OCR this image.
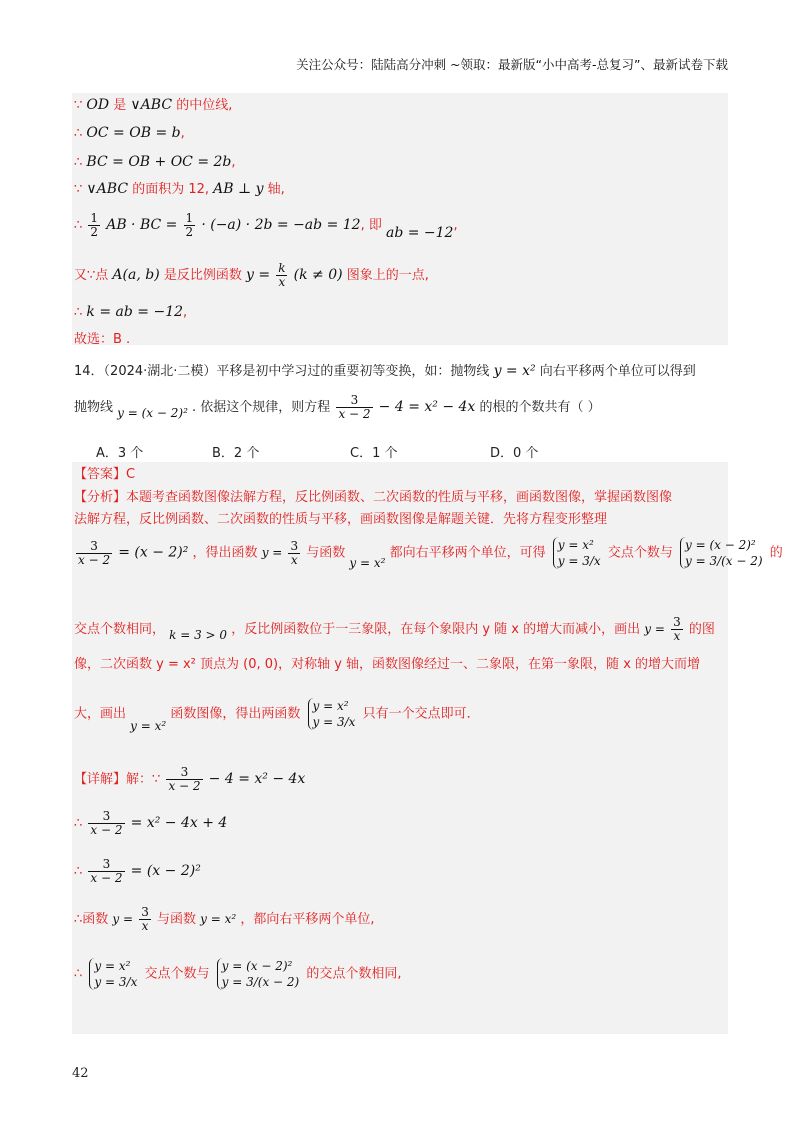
关注公众号：陆陆高分冲刺 ~领取：最新版“小中高考-总复习”、最新试卷下载
∵ OD 是 ∨ABC 的中位线,
∴ OC = OB = b,
∴ BC = OB + OC = 2b,
∵ ∨ABC 的面积为 12, AB ⊥ y 轴,
∴ $\frac{1}{2}$ AB · BC = $\frac{1}{2} \cdot (-a) \cdot 2b = -ab = 12$, 即 ab = −12,
又∵点 A(a, b) 是反比例函数 $y = \frac{k}{x} (k \ne 0)$ 图象上的一点,
∴ k = ab = −12,
故选：B .
14．（2024·湖北·二模）平移是初中学习过的重要初等变换，如：抛物线 y = x² 向右平移两个单位可以得到
抛物线 y = (x − 2)² . 依据这个规律，则方程 $\frac{3}{x - 2} - 4 = x^2 - 4x$ 的根的个数共有（ ）
A．3 个	B．2 个	C．1 个	D．0 个
【答案】C
【分析】本题考查函数图像法解方程，反比例函数、二次函数的性质与平移，画函数图像，掌握函数图像
法解方程，反比例函数、二次函数的性质与平移，画函数图像是解题关键．先将方程变形整理
$\frac{3}{x - 2} = (x - 2)^2$ ，得出函数 $y = \frac{3}{x}$ 与函数 y = x² 都向右平移两个单位，可得
y = x²
y = 3/x
交点个数与
y = (x − 2)²
y = 3/(x − 2)
的
交点个数相同， k = 3 > 0 ，反比例函数位于一三象限，在每个象限内 y 随 x 的增大而减小，画出 $y = \frac{3}{x}$ 的图
像，二次函数 y = x² 顶点为 (0, 0)，对称轴 y 轴，函数图像经过一、二象限，在第一象限，随 x 的增大而增
大，画出 y = x² 函数图像，得出两函数
y = x²
y = 3/x
只有一个交点即可．
【详解】解：∵ $\frac{3}{x - 2} - 4 = x^2 - 4x$
∴ $\frac{3}{x - 2} = x^2 - 4x + 4$
∴ $\frac{3}{x - 2} = (x - 2)^2$
∴函数 $y = \frac{3}{x}$ 与函数 y = x² ，都向右平移两个单位,
∴
y = x²
y = 3/x
交点个数与
y = (x − 2)²
y = 3/(x − 2)
的交点个数相同,
42
